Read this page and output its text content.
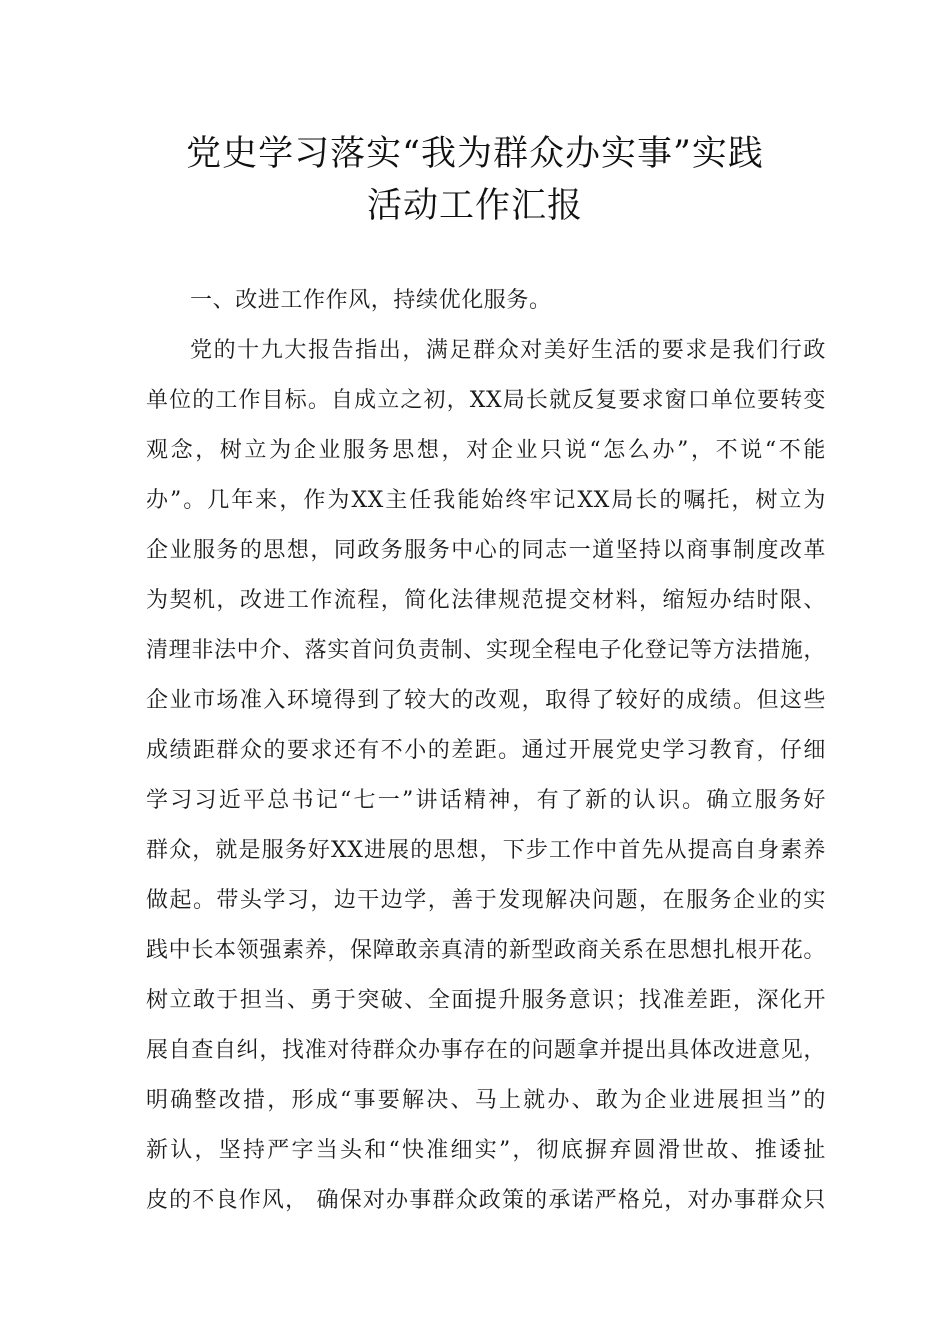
党史学习落实“我为群众办实事”实践
活动工作汇报
一、改进工作作风，持续优化服务。
党的十九大报告指出，满足群众对美好生活的要求是我们行政
单位的工作目标。自成立之初，XX局长就反复要求窗口单位要转变
观念，树立为企业服务思想，对企业只说“怎么办”，不说“不能
办”。几年来，作为XX主任我能始终牢记XX局长的嘱托，树立为
企业服务的思想，同政务服务中心的同志一道坚持以商事制度改革
为契机，改进工作流程，简化法律规范提交材料，缩短办结时限、
清理非法中介、落实首问负责制、实现全程电子化登记等方法措施，
企业市场准入环境得到了较大的改观，取得了较好的成绩。但这些
成绩距群众的要求还有不小的差距。通过开展党史学习教育，仔细
学习习近平总书记“七一”讲话精神，有了新的认识。确立服务好
群众，就是服务好XX进展的思想，下步工作中首先从提高自身素养
做起。带头学习，边干边学，善于发现解决问题，在服务企业的实
践中长本领强素养，保障敢亲真清的新型政商关系在思想扎根开花。
树立敢于担当、勇于突破、全面提升服务意识；找准差距，深化开
展自查自纠，找准对待群众办事存在的问题拿并提出具体改进意见，
明确整改措，形成“事要解决、马上就办、敢为企业进展担当”的
新认，坚持严字当头和“快准细实”，彻底摒弃圆滑世故、推诿扯
皮的不良作风， 确保对办事群众政策的承诺严格兑，对办事群众只
